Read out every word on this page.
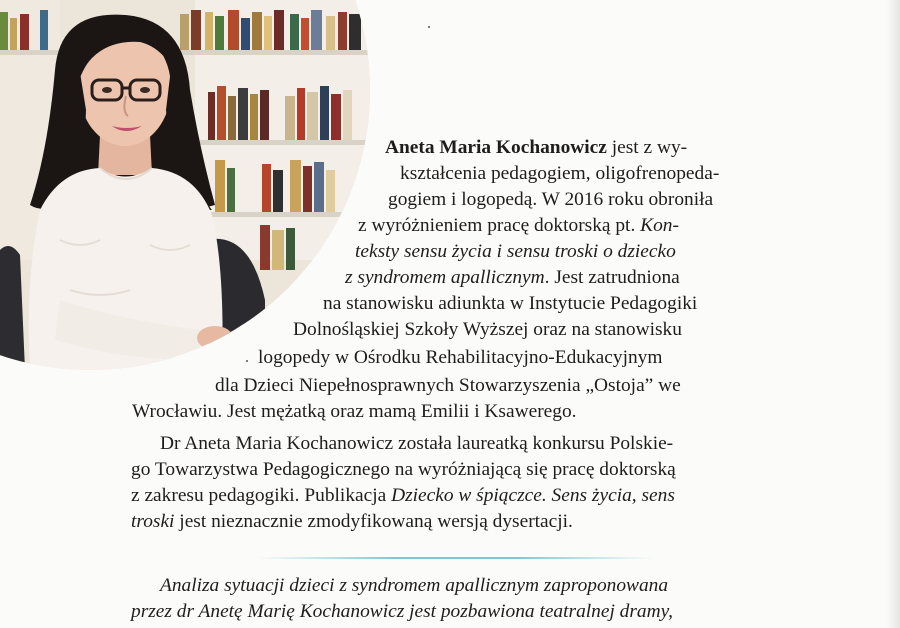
Aneta Maria Kochanowicz jest z wy-
kształcenia pedagogiem, oligofrenopeda-
gogiem i logopedą. W 2016 roku obroniła
z wyróżnieniem pracę doktorską pt. Kon-
teksty sensu życia i sensu troski o dziecko
z syndromem apallicznym. Jest zatrudniona
na stanowisku adiunkta w Instytucie Pedagogiki
Dolnośląskiej Szkoły Wyższej oraz na stanowisku
logopedy w Ośrodku Rehabilitacyjno-Edukacyjnym
dla Dzieci Niepełnosprawnych Stowarzyszenia „Ostoja” we
Wrocławiu. Jest mężatką oraz mamą Emilii i Ksawerego.
Dr Aneta Maria Kochanowicz została laureatką konkursu Polskie-
go Towarzystwa Pedagogicznego na wyróżniającą się pracę doktorską
z zakresu pedagogiki. Publikacja Dziecko w śpiączce. Sens życia, sens
troski jest nieznacznie zmodyfikowaną wersją dysertacji.
Analiza sytuacji dzieci z syndromem apallicznym zaproponowana
przez dr Anetę Marię Kochanowicz jest pozbawiona teatralnej dramy,
